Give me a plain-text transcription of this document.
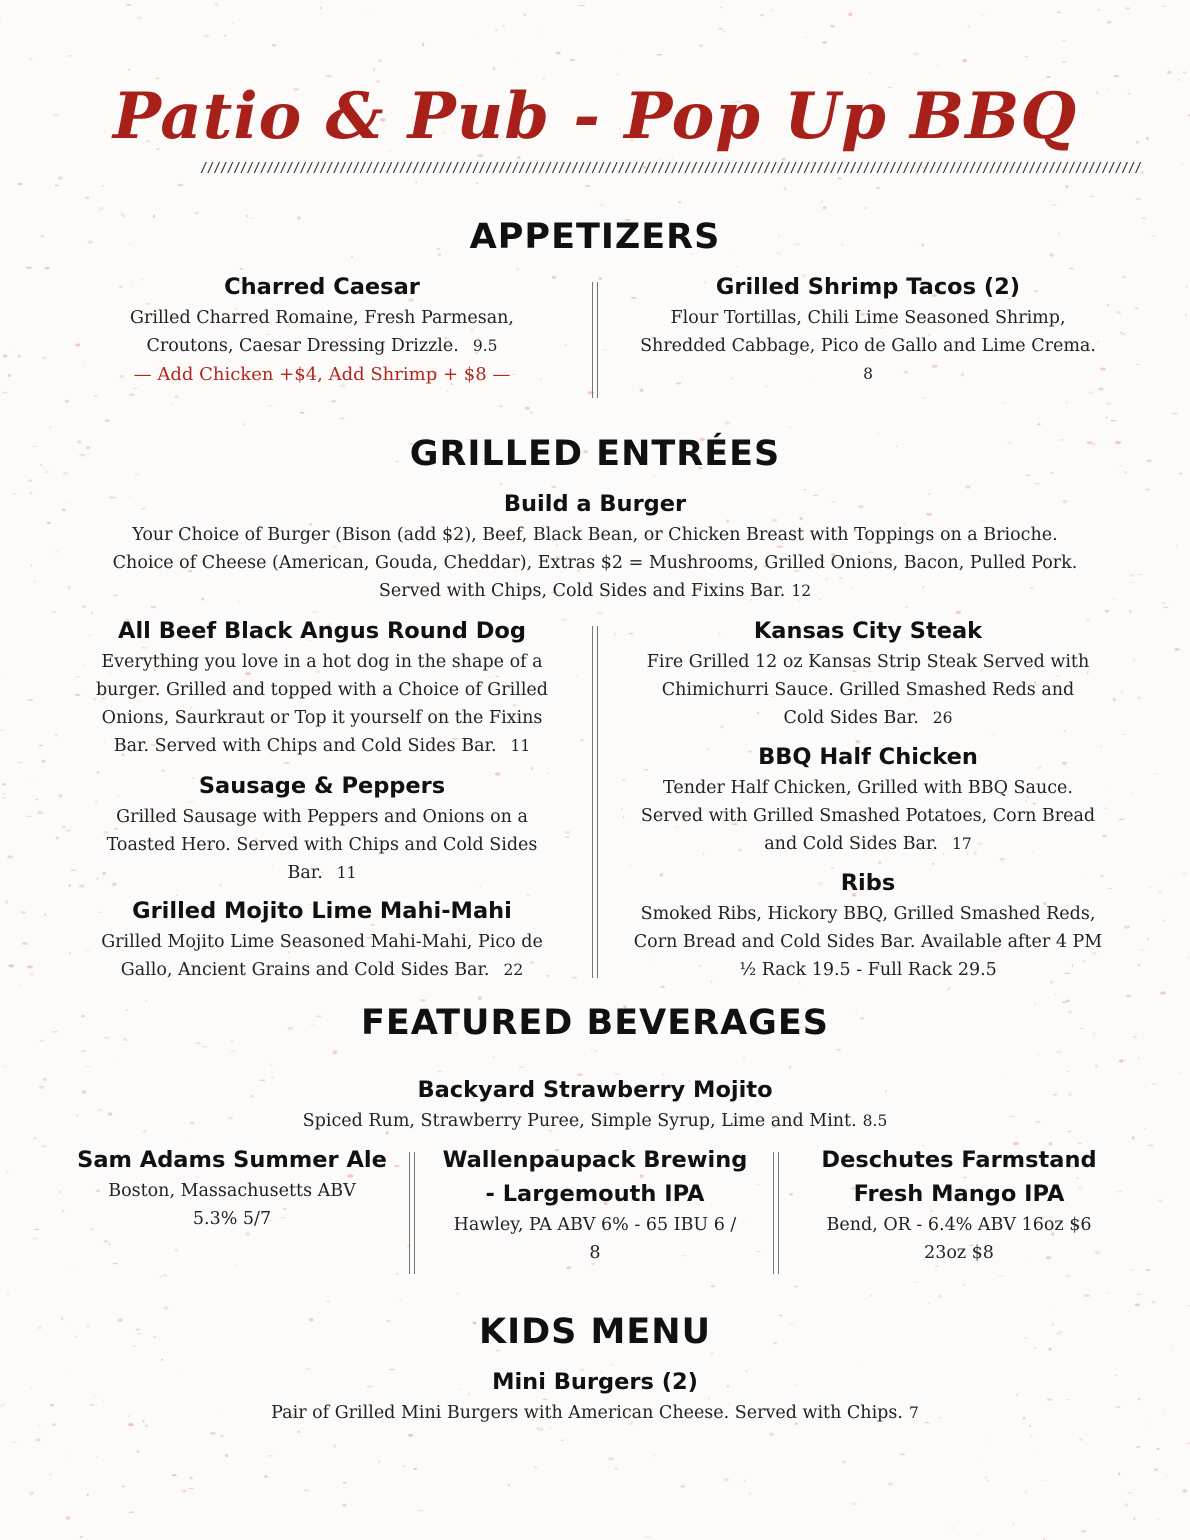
Patio & Pub - Pop Up BBQ
//////////////////////////////////////////////////////////////////////////////////////////////////////////////////////////////////////////////
APPETIZERS
Charred Caesar
Grilled Charred Romaine, Fresh Parmesan,
Croutons, Caesar Dressing Drizzle. 9.5
— Add Chicken +$4, Add Shrimp + $8 —
Grilled Shrimp Tacos (2)
Flour Tortillas, Chili Lime Seasoned Shrimp,
Shredded Cabbage, Pico de Gallo and Lime Crema.
8
GRILLED ENTRÉES
Build a Burger
Your Choice of Burger (Bison (add $2), Beef, Black Bean, or Chicken Breast with Toppings on a Brioche.
Choice of Cheese (American, Gouda, Cheddar), Extras $2 = Mushrooms, Grilled Onions, Bacon, Pulled Pork.
Served with Chips, Cold Sides and Fixins Bar. 12
All Beef Black Angus Round Dog
Everything you love in a hot dog in the shape of a
burger. Grilled and topped with a Choice of Grilled
Onions, Saurkraut or Top it yourself on the Fixins
Bar. Served with Chips and Cold Sides Bar. 11
Sausage & Peppers
Grilled Sausage with Peppers and Onions on a
Toasted Hero. Served with Chips and Cold Sides
Bar. 11
Grilled Mojito Lime Mahi-Mahi
Grilled Mojito Lime Seasoned Mahi-Mahi, Pico de
Gallo, Ancient Grains and Cold Sides Bar. 22
Kansas City Steak
Fire Grilled 12 oz Kansas Strip Steak Served with
Chimichurri Sauce. Grilled Smashed Reds and
Cold Sides Bar. 26
BBQ Half Chicken
Tender Half Chicken, Grilled with BBQ Sauce.
Served with Grilled Smashed Potatoes, Corn Bread
and Cold Sides Bar. 17
Ribs
Smoked Ribs, Hickory BBQ, Grilled Smashed Reds,
Corn Bread and Cold Sides Bar. Available after 4 PM
½ Rack 19.5 - Full Rack 29.5
FEATURED BEVERAGES
Backyard Strawberry Mojito
Spiced Rum, Strawberry Puree, Simple Syrup, Lime and Mint. 8.5
Sam Adams Summer Ale
Boston, Massachusetts ABV
5.3% 5/7
Wallenpaupack Brewing
- Largemouth IPA
Hawley, PA ABV 6% - 65 IBU 6 /
8
Deschutes Farmstand
Fresh Mango IPA
Bend, OR - 6.4% ABV 16oz $6
23oz $8
KIDS MENU
Mini Burgers (2)
Pair of Grilled Mini Burgers with American Cheese. Served with Chips. 7
